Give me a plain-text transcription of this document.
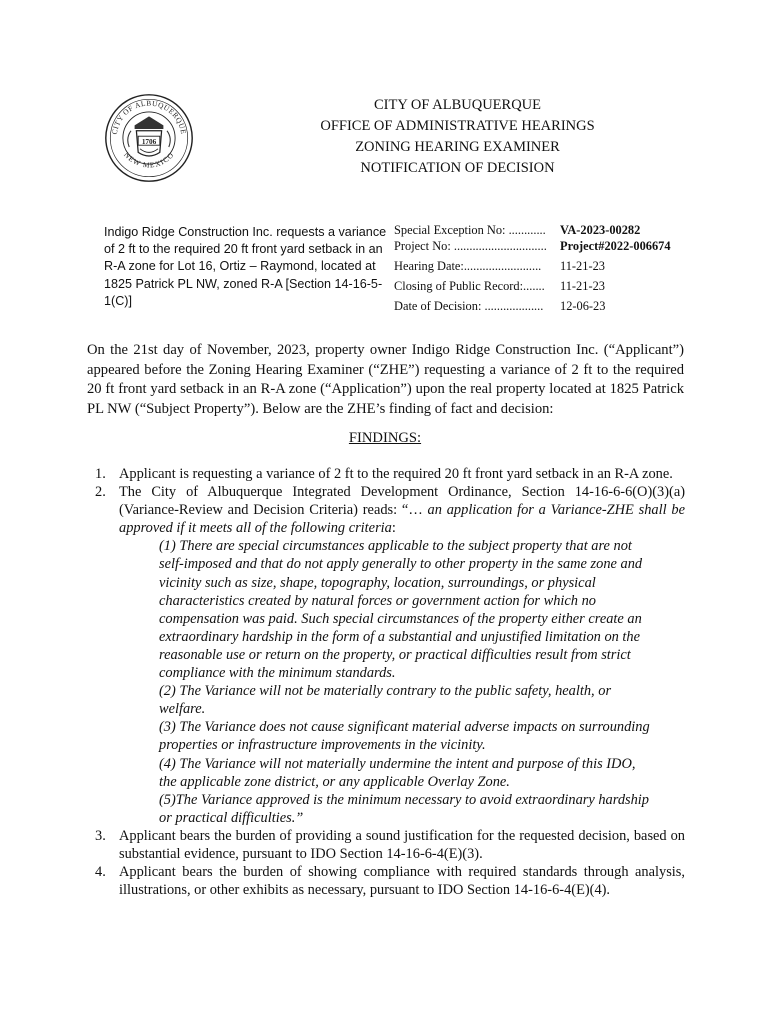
CITY OF ALBUQUERQUE
NEW MEXICO
1706
CITY OF ALBUQUERQUE
OFFICE OF ADMINISTRATIVE HEARINGS
ZONING HEARING EXAMINER
NOTIFICATION OF DECISION
Indigo Ridge Construction Inc. requests a variance of 2 ft to the required 20 ft front yard setback in an R-A zone for Lot 16, Ortiz – Raymond, located at 1825 Patrick PL NW, zoned R-A [Section 14-16-5-1(C)]
Special Exception No: ............	VA-2023-00282
Project No: ..............................	Project#2022-006674
Hearing Date:.........................	11-21-23
Closing of Public Record:.......	11-21-23
Date of Decision: ...................	12-06-23
On the 21st day of November, 2023, property owner Indigo Ridge Construction Inc. (“Applicant”) appeared before the Zoning Hearing Examiner (“ZHE”) requesting a variance of 2 ft to the required 20 ft front yard setback in an R-A zone (“Application”) upon the real property located at 1825 Patrick PL NW (“Subject Property”). Below are the ZHE’s finding of fact and decision:
FINDINGS:
1. Applicant is requesting a variance of 2 ft to the required 20 ft front yard setback in an R-A zone.
2. The City of Albuquerque Integrated Development Ordinance, Section 14-16-6-6(O)(3)(a) (Variance-Review and Decision Criteria) reads: “… an application for a Variance-ZHE shall be approved if it meets all of the following criteria:
(1) There are special circumstances applicable to the subject property that are not self-imposed and that do not apply generally to other property in the same zone and vicinity such as size, shape, topography, location, surroundings, or physical characteristics created by natural forces or government action for which no compensation was paid. Such special circumstances of the property either create an extraordinary hardship in the form of a substantial and unjustified limitation on the reasonable use or return on the property, or practical difficulties result from strict compliance with the minimum standards.
(2) The Variance will not be materially contrary to the public safety, health, or welfare.
(3) The Variance does not cause significant material adverse impacts on surrounding properties or infrastructure improvements in the vicinity.
(4) The Variance will not materially undermine the intent and purpose of this IDO, the applicable zone district, or any applicable Overlay Zone.
(5)The Variance approved is the minimum necessary to avoid extraordinary hardship or practical difficulties.”
3. Applicant bears the burden of providing a sound justification for the requested decision, based on substantial evidence, pursuant to IDO Section 14-16-6-4(E)(3).
4. Applicant bears the burden of showing compliance with required standards through analysis, illustrations, or other exhibits as necessary, pursuant to IDO Section 14-16-6-4(E)(4).
